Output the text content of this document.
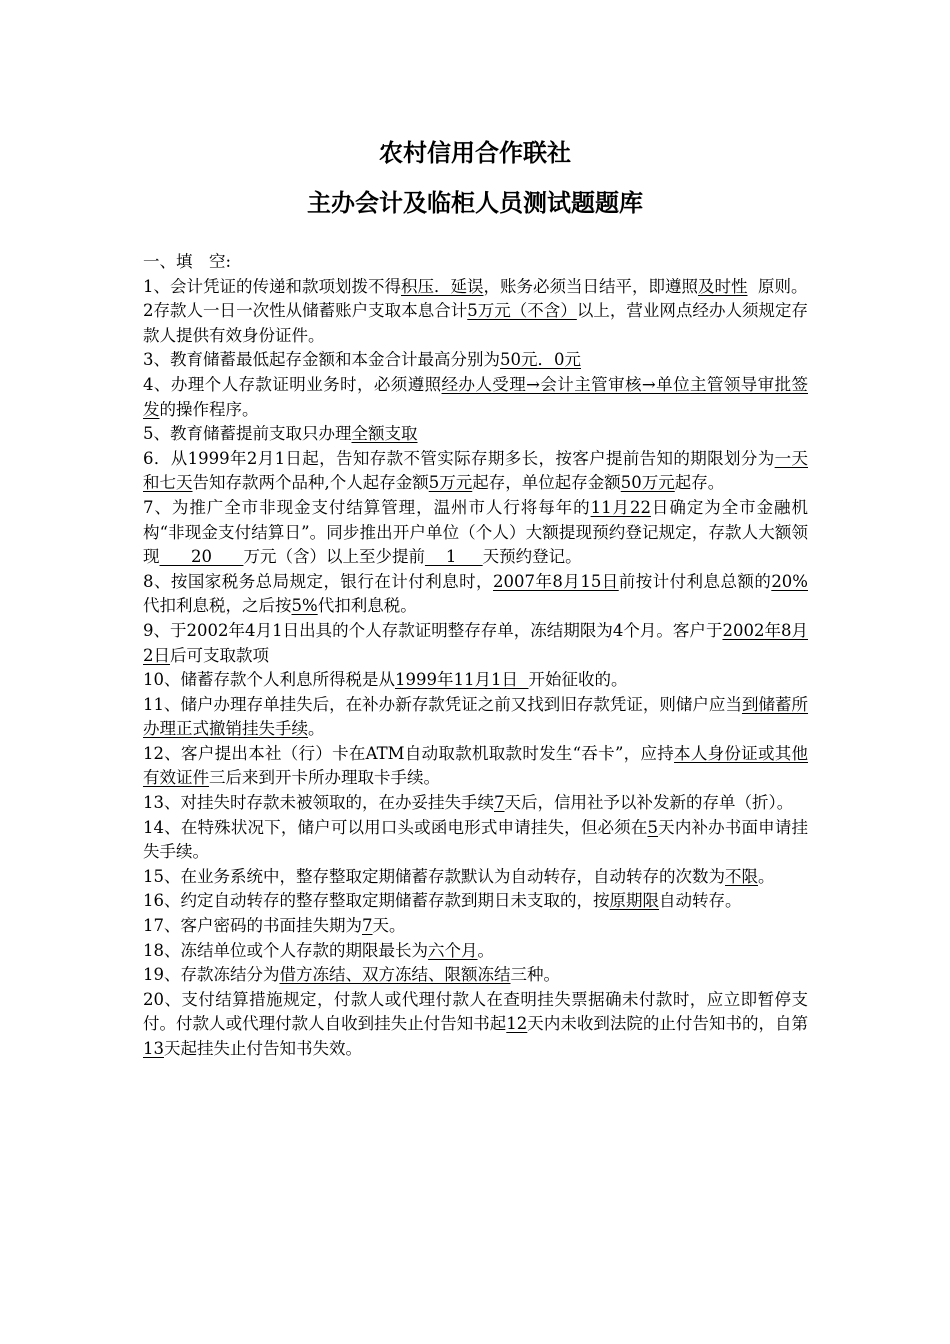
农村信用合作联社
主办会计及临柜人员测试题题库

一、填　空:

1、会计凭证的传递和款项划拨不得积压．延误，账务必须当日结平，即遵照及时性  原则。

2存款人一日一次性从储蓄账户支取本息合计5万元（不含）以上，营业网点经办人须规定存款人提供有效身份证件。

3、教育储蓄最低起存金额和本金合计最高分别为50元．0元

4、办理个人存款证明业务时，必须遵照经办人受理→会计主管审核→单位主管领导审批签发的操作程序。

5、教育储蓄提前支取只办理全额支取

6．从1999年2月1日起，告知存款不管实际存期多长，按客户提前告知的期限划分为一天和七天告知存款两个品种,个人起存金额5万元起存，单位起存金额50万元起存。

7、为推广全市非现金支付结算管理，温州市人行将每年的11月22日确定为全市金融机构“非现金支付结算日”。同步推出开户单位（个人）大额提现预约登记规定，存款人大额领现      20      万元（含）以上至少提前    1     天预约登记。

8、按国家税务总局规定，银行在计付利息时，2007年8月15日前按计付利息总额的20%代扣利息税，之后按5%代扣利息税。

9、于2002年4月1日出具的个人存款证明整存存单，冻结期限为4个月。客户于2002年8月2日后可支取款项

10、储蓄存款个人利息所得税是从1999年11月1日  开始征收的。

11、储户办理存单挂失后，在补办新存款凭证之前又找到旧存款凭证，则储户应当到储蓄所办理正式撤销挂失手续。

12、客户提出本社（行）卡在ATM自动取款机取款时发生“吞卡”，应持本人身份证或其他有效证件三后来到开卡所办理取卡手续。

13、对挂失时存款未被领取的，在办妥挂失手续7天后，信用社予以补发新的存单（折）。

14、在特殊状况下，储户可以用口头或函电形式申请挂失，但必须在5天内补办书面申请挂失手续。

15、在业务系统中，整存整取定期储蓄存款默认为自动转存，自动转存的次数为不限。

16、约定自动转存的整存整取定期储蓄存款到期日未支取的，按原期限自动转存。

17、客户密码的书面挂失期为7天。

18、冻结单位或个人存款的期限最长为六个月。

19、存款冻结分为借方冻结、双方冻结、限额冻结三种。

20、支付结算措施规定，付款人或代理付款人在查明挂失票据确未付款时，应立即暂停支付。付款人或代理付款人自收到挂失止付告知书起12天内未收到法院的止付告知书的，自第13天起挂失止付告知书失效。
